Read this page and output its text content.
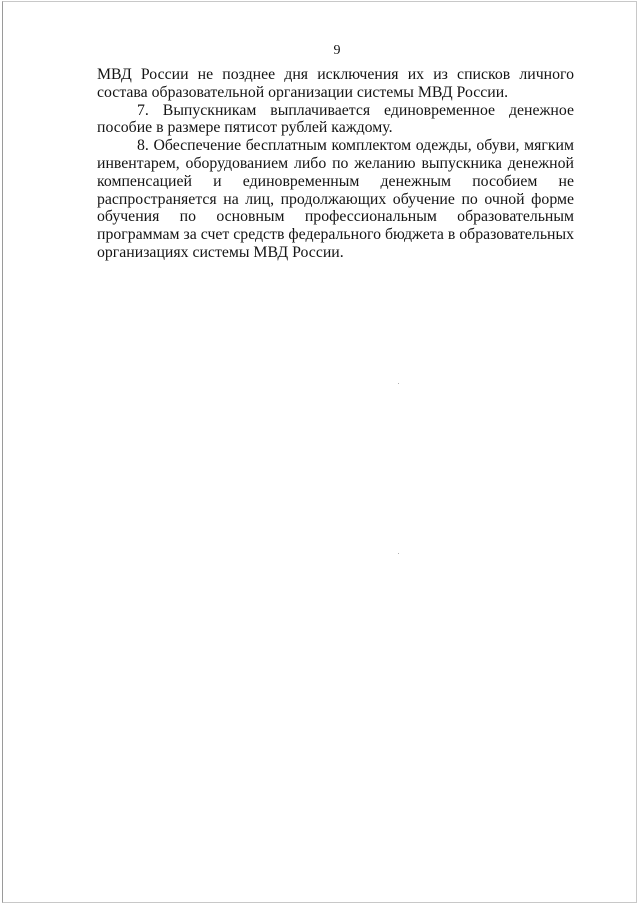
9

МВД России не позднее дня исключения их из списков личного состава образовательной организации системы МВД России.

7. Выпускникам выплачивается единовременное денежное пособие в размере пятисот рублей каждому.

8. Обеспечение бесплатным комплектом одежды, обуви, мягким инвентарем, оборудованием либо по желанию выпускника денежной компенсацией и единовременным денежным пособием не распространяется на лиц, продолжающих обучение по очной форме обучения по основным профессиональным образовательным программам за счет средств федерального бюджета в образовательных организациях системы МВД России.
